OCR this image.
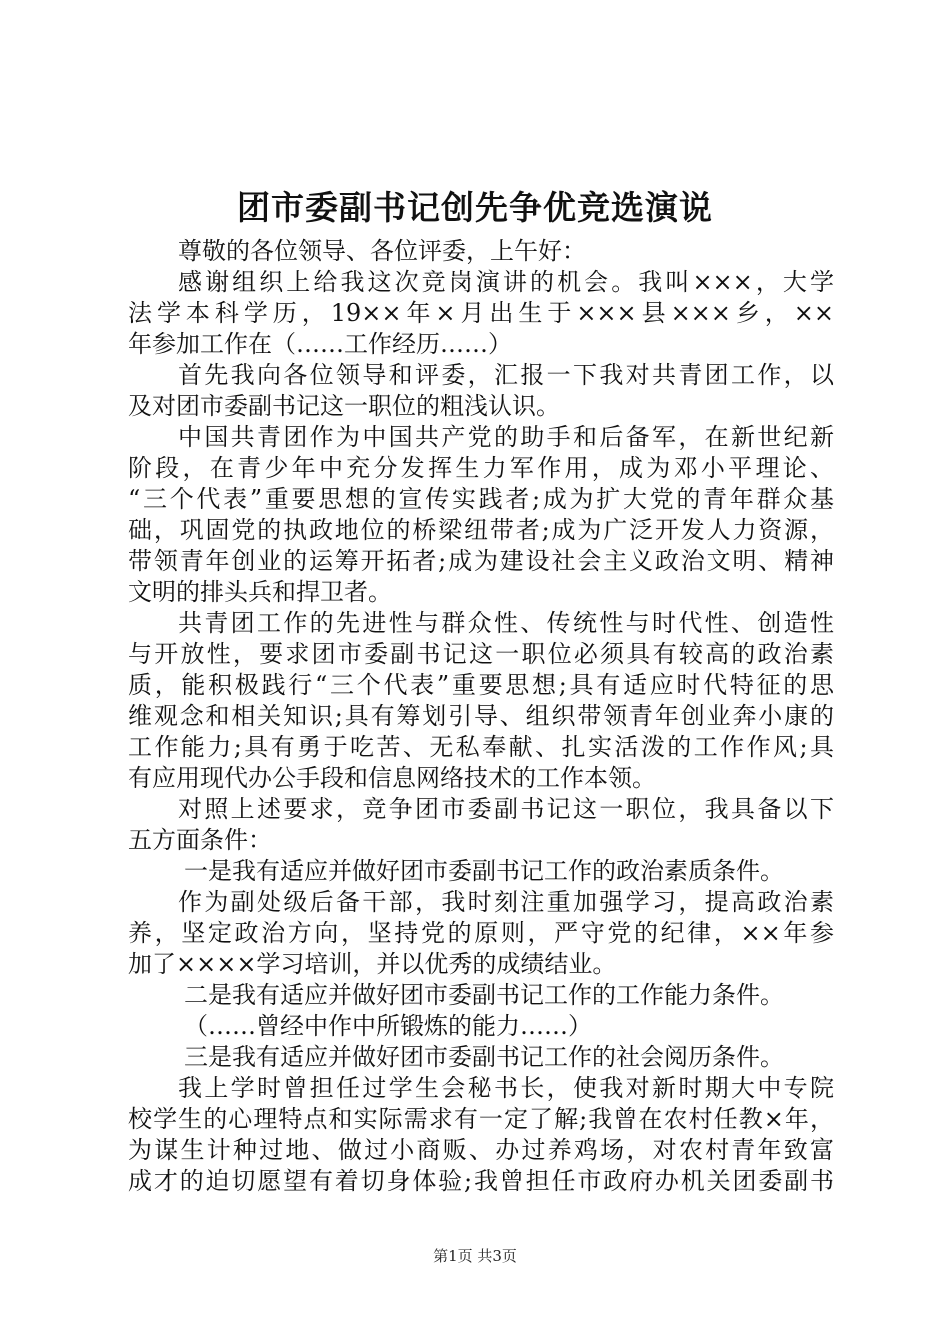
团市委副书记创先争优竞选演说
尊敬的各位领导、各位评委，上午好：
感谢组织上给我这次竞岗演讲的机会。我叫×××，大学
法学本科学历，19××年×月出生于×××县×××乡，××
年参加工作在（……工作经历……）
首先我向各位领导和评委，汇报一下我对共青团工作，以
及对团市委副书记这一职位的粗浅认识。
中国共青团作为中国共产党的助手和后备军，在新世纪新
阶段，在青少年中充分发挥生力军作用，成为邓小平理论、
“三个代表”重要思想的宣传实践者;成为扩大党的青年群众基
础，巩固党的执政地位的桥梁纽带者;成为广泛开发人力资源，
带领青年创业的运筹开拓者;成为建设社会主义政治文明、精神
文明的排头兵和捍卫者。
共青团工作的先进性与群众性、传统性与时代性、创造性
与开放性，要求团市委副书记这一职位必须具有较高的政治素
质，能积极践行“三个代表”重要思想;具有适应时代特征的思
维观念和相关知识;具有筹划引导、组织带领青年创业奔小康的
工作能力;具有勇于吃苦、无私奉献、扎实活泼的工作作风;具
有应用现代办公手段和信息网络技术的工作本领。
对照上述要求，竞争团市委副书记这一职位，我具备以下
五方面条件：
一是我有适应并做好团市委副书记工作的政治素质条件。
作为副处级后备干部，我时刻注重加强学习，提高政治素
养，坚定政治方向，坚持党的原则，严守党的纪律，××年参
加了××××学习培训，并以优秀的成绩结业。
二是我有适应并做好团市委副书记工作的工作能力条件。
（……曾经中作中所锻炼的能力……）
三是我有适应并做好团市委副书记工作的社会阅历条件。
我上学时曾担任过学生会秘书长，使我对新时期大中专院
校学生的心理特点和实际需求有一定了解;我曾在农村任教×年，
为谋生计种过地、做过小商贩、办过养鸡场，对农村青年致富
成才的迫切愿望有着切身体验;我曾担任市政府办机关团委副书
第1页 共3页
